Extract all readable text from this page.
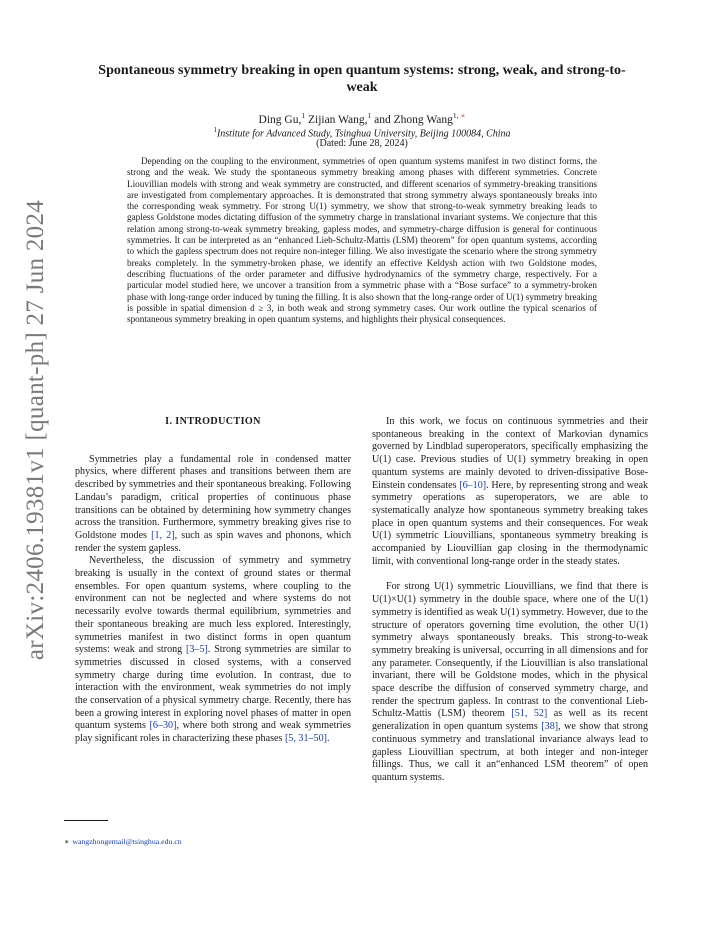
arXiv:2406.19381v1 [quant-ph] 27 Jun 2024
Spontaneous symmetry breaking in open quantum systems: strong, weak, and strong-to-weak
Ding Gu,$^1$ Zijian Wang,$^1$ and Zhong Wang$^{1, ∗}$
$^1$Institute for Advanced Study, Tsinghua University, Beijing 100084, China
(Dated: June 28, 2024)
Depending on the coupling to the environment, symmetries of open quantum systems manifest in two distinct forms, the strong and the weak. We study the spontaneous symmetry breaking among phases with different symmetries. Concrete Liouvillian models with strong and weak symmetry are constructed, and different scenarios of symmetry-breaking transitions are investigated from complementary approaches. It is demonstrated that strong symmetry always spontaneously breaks into the corresponding weak symmetry. For strong U(1) symmetry, we show that strong-to-weak symmetry breaking leads to gapless Goldstone modes dictating diffusion of the symmetry charge in translational invariant systems. We conjecture that this relation among strong-to-weak symmetry breaking, gapless modes, and symmetry-charge diffusion is general for continuous symmetries. It can be interpreted as an “enhanced Lieb-Schultz-Mattis (LSM) theorem” for open quantum systems, according to which the gapless spectrum does not require non-integer filling. We also investigate the scenario where the strong symmetry breaks completely. In the symmetry-broken phase, we identify an effective Keldysh action with two Goldstone modes, describing fluctuations of the order parameter and diffusive hydrodynamics of the symmetry charge, respectively. For a particular model studied here, we uncover a transition from a symmetric phase with a “Bose surface” to a symmetry-broken phase with long-range order induced by tuning the filling. It is also shown that the long-range order of U(1) symmetry breaking is possible in spatial dimension d ≥ 3, in both weak and strong symmetry cases. Our work outline the typical scenarios of spontaneous symmetry breaking in open quantum systems, and highlights their physical consequences.
I. INTRODUCTION

Symmetries play a fundamental role in condensed matter physics, where different phases and transitions between them are described by symmetries and their spontaneous breaking. Following Landau’s paradigm, critical properties of continuous phase transitions can be obtained by determining how symmetry changes across the transition. Furthermore, symmetry breaking gives rise to Goldstone modes [1, 2], such as spin waves and phonons, which render the system gapless.

Nevertheless, the discussion of symmetry and symmetry breaking is usually in the context of ground states or thermal ensembles. For open quantum systems, where coupling to the environment can not be neglected and where systems do not necessarily evolve towards thermal equilibrium, symmetries and their spontaneous breaking are much less explored. Interestingly, symmetries manifest in two distinct forms in open quantum systems: weak and strong [3–5]. Strong symmetries are similar to symmetries discussed in closed systems, with a conserved symmetry charge during time evolution. In contrast, due to interaction with the environment, weak symmetries do not imply the conservation of a physical symmetry charge. Recently, there has been a growing interest in exploring novel phases of matter in open quantum systems [6–30], where both strong and weak symmetries play significant roles in characterizing these phases [5, 31–50].

In this work, we focus on continuous symmetries and their spontaneous breaking in the context of Markovian dynamics governed by Lindblad superoperators, specifically emphasizing the U(1) case. Previous studies of U(1) symmetry breaking in open quantum systems are mainly devoted to driven-dissipative Bose-Einstein condensates [6–10]. Here, by representing strong and weak symmetry operations as superoperators, we are able to systematically analyze how spontaneous symmetry breaking takes place in open quantum systems and their consequences. For weak U(1) symmetric Liouvillians, spontaneous symmetry breaking is accompanied by Liouvillian gap closing in the thermodynamic limit, with conventional long-range order in the steady states.

For strong U(1) symmetric Liouvillians, we find that there is U(1)×U(1) symmetry in the double space, where one of the U(1) symmetry is identified as weak U(1) symmetry. However, due to the structure of operators governing time evolution, the other U(1) symmetry always spontaneously breaks. This strong-to-weak symmetry breaking is universal, occurring in all dimensions and for any parameter. Consequently, if the Liouvillian is also translational invariant, there will be Goldstone modes, which in the physical space describe the diffusion of conserved symmetry charge, and render the spectrum gapless. In contrast to the conventional Lieb-Schultz-Mattis (LSM) theorem [51, 52] as well as its recent generalization in open quantum systems [38], we show that strong continuous symmetry and translational invariance always lead to gapless Liouvillian spectrum, at both integer and non-integer fillings. Thus, we call it an“enhanced LSM theorem” of open quantum systems.

∗ wangzhongemail@tsinghua.edu.cn
